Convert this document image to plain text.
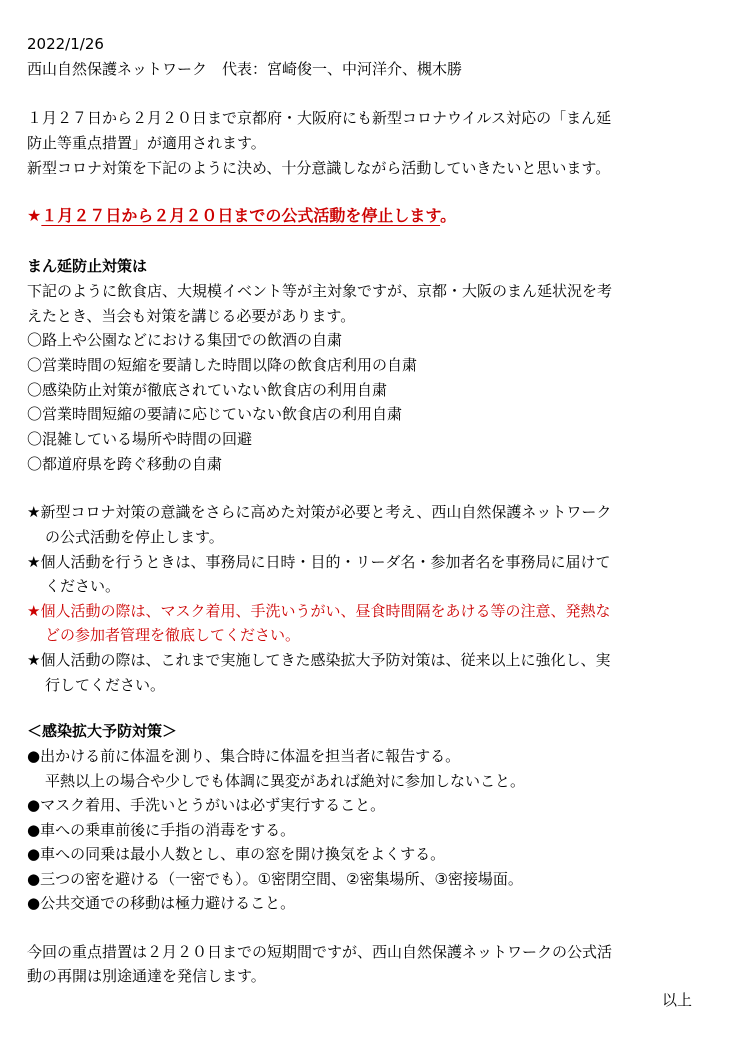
2022/1/26
西山自然保護ネットワーク　代表：宮崎俊一、中河洋介、槻木勝
１月２７日から２月２０日まで京都府・大阪府にも新型コロナウイルス対応の「まん延
防止等重点措置」が適用されます。
新型コロナ対策を下記のように決め、十分意識しながら活動していきたいと思います。
★１月２７日から２月２０日までの公式活動を停止します。
まん延防止対策は
下記のように飲食店、大規模イベント等が主対象ですが、京都・大阪のまん延状況を考
えたとき、当会も対策を講じる必要があります。
〇路上や公園などにおける集団での飲酒の自粛
〇営業時間の短縮を要請した時間以降の飲食店利用の自粛
〇感染防止対策が徹底されていない飲食店の利用自粛
〇営業時間短縮の要請に応じていない飲食店の利用自粛
〇混雑している場所や時間の回避
〇都道府県を跨ぐ移動の自粛
★新型コロナ対策の意識をさらに高めた対策が必要と考え、西山自然保護ネットワーク
の公式活動を停止します。
★個人活動を行うときは、事務局に日時・目的・リーダ名・参加者名を事務局に届けて
ください。
★個人活動の際は、マスク着用、手洗いうがい、昼食時間隔をあける等の注意、発熱な
どの参加者管理を徹底してください。
★個人活動の際は、これまで実施してきた感染拡大予防対策は、従来以上に強化し、実
行してください。
＜感染拡大予防対策＞
●出かける前に体温を測り、集合時に体温を担当者に報告する。
平熱以上の場合や少しでも体調に異変があれば絶対に参加しないこと。
●マスク着用、手洗いとうがいは必ず実行すること。
●車への乗車前後に手指の消毒をする。
●車への同乗は最小人数とし、車の窓を開け換気をよくする。
●三つの密を避ける（一密でも）。①密閉空間、②密集場所、③密接場面。
●公共交通での移動は極力避けること。
今回の重点措置は２月２０日までの短期間ですが、西山自然保護ネットワークの公式活
動の再開は別途通達を発信します。
以上
